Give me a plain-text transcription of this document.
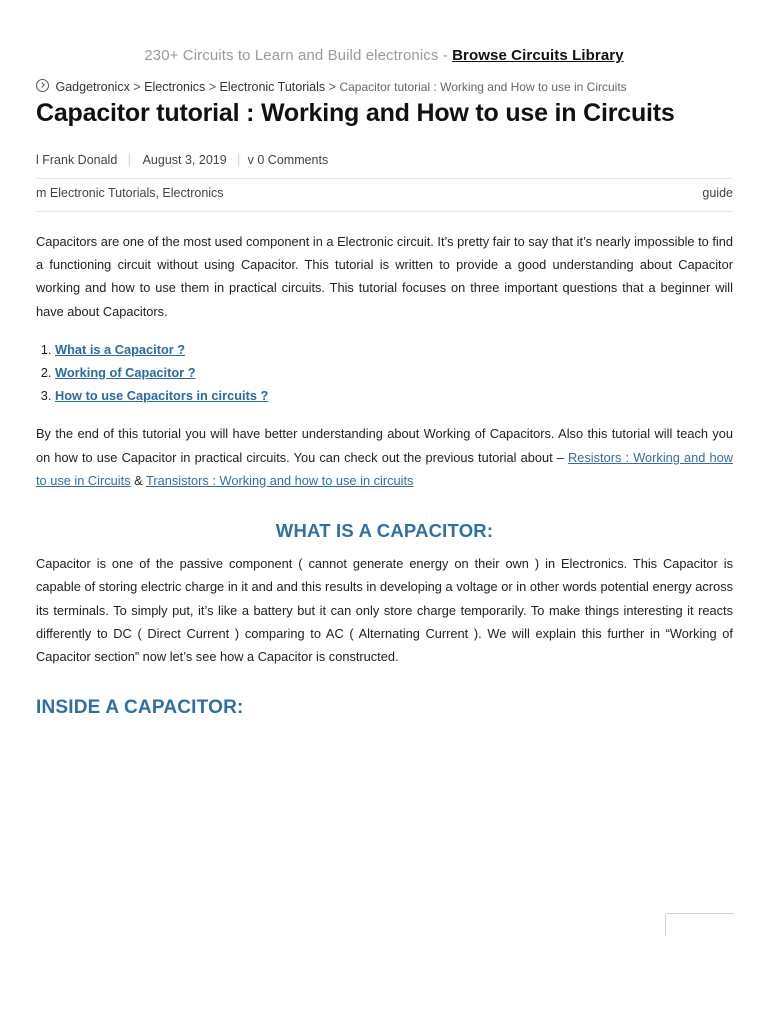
230+ Circuits to Learn and Build electronics - Browse Circuits Library
Gadgetronicx > Electronics > Electronic Tutorials > Capacitor tutorial : Working and How to use in Circuits
Capacitor tutorial : Working and How to use in Circuits
l Frank Donald August 3, 2019 v 0 Comments
m Electronic Tutorials, Electronics	guide

Capacitors are one of the most used component in a Electronic circuit. It’s pretty fair to say that it’s nearly impossible to find a functioning circuit without using Capacitor. This tutorial is written to provide a good understanding about Capacitor working and how to use them in practical circuits. This tutorial focuses on three important questions that a beginner will have about Capacitors.

1. What is a Capacitor ?
2. Working of Capacitor ?
3. How to use Capacitors in circuits ?

By the end of this tutorial you will have better understanding about Working of Capacitors. Also this tutorial will teach you on how to use Capacitor in practical circuits. You can check out the previous tutorial about – Resistors : Working and how to use in Circuits & Transistors : Working and how to use in circuits

WHAT IS A CAPACITOR:

Capacitor is one of the passive component ( cannot generate energy on their own ) in Electronics. This Capacitor is capable of storing electric charge in it and and this results in developing a voltage or in other words potential energy across its terminals. To simply put, it’s like a battery but it can only store charge temporarily. To make things interesting it reacts differently to DC ( Direct Current ) comparing to AC ( Alternating Current ). We will explain this further in “Working of Capacitor section” now let’s see how a Capacitor is constructed.

INSIDE A CAPACITOR:
